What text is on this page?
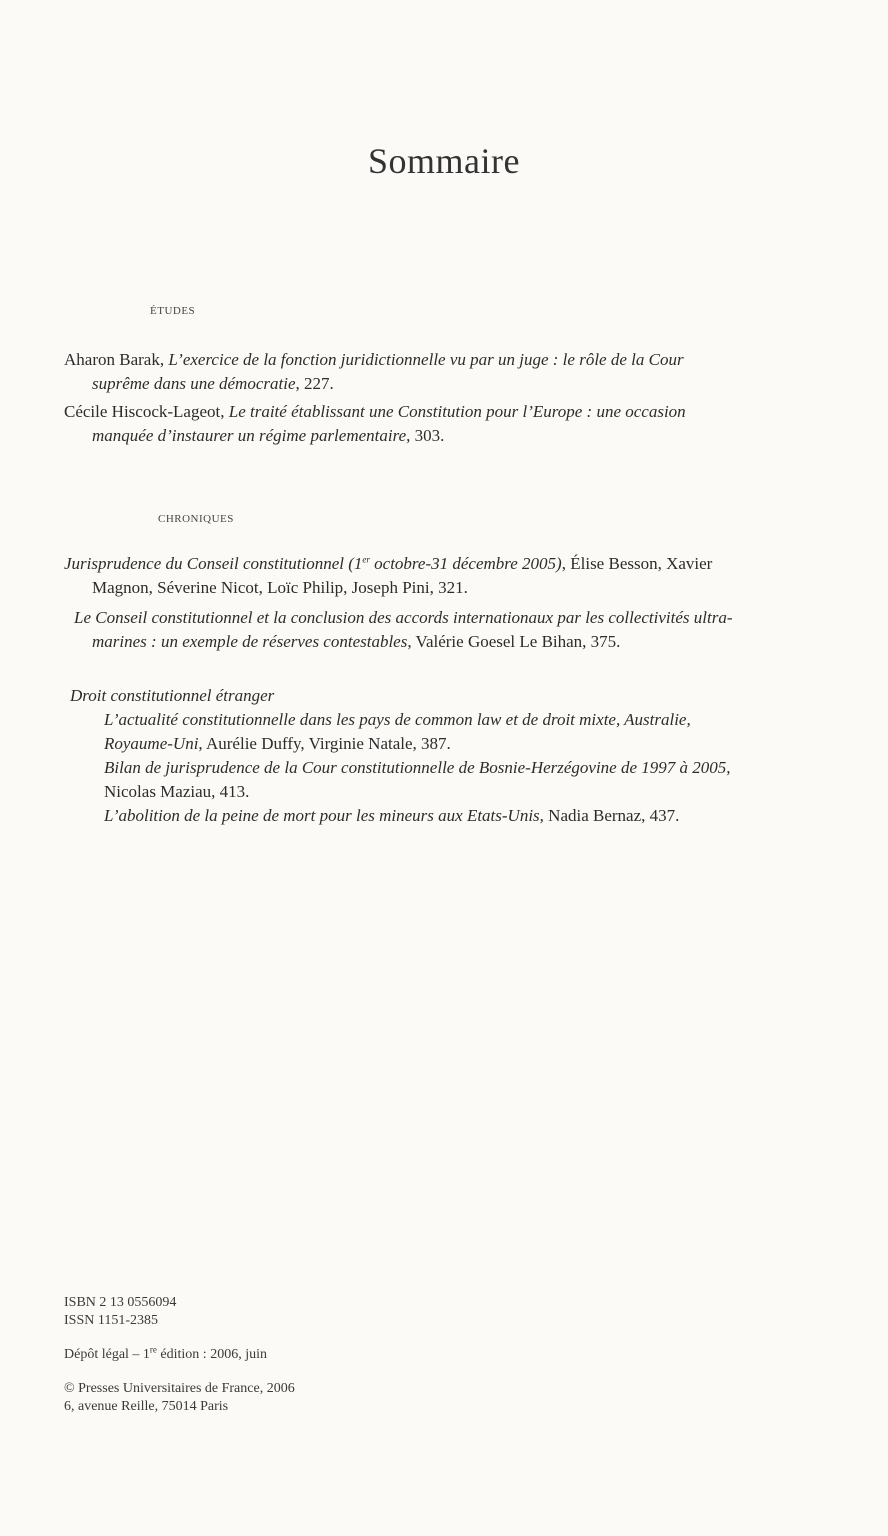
Sommaire
ÉTUDES
Aharon Barak, L’exercice de la fonction juridictionnelle vu par un juge : le rôle de la Cour
suprême dans une démocratie, 227.
Cécile Hiscock-Lageot, Le traité établissant une Constitution pour l’Europe : une occasion
manquée d’instaurer un régime parlementaire, 303.
CHRONIQUES
Jurisprudence du Conseil constitutionnel (1er octobre-31 décembre 2005), Élise Besson, Xavier
Magnon, Séverine Nicot, Loïc Philip, Joseph Pini, 321.
Le Conseil constitutionnel et la conclusion des accords internationaux par les collectivités ultra-
marines : un exemple de réserves contestables, Valérie Goesel Le Bihan, 375.
Droit constitutionnel étranger
L’actualité constitutionnelle dans les pays de common law et de droit mixte, Australie,
Royaume-Uni, Aurélie Duffy, Virginie Natale, 387.
Bilan de jurisprudence de la Cour constitutionnelle de Bosnie-Herzégovine de 1997 à 2005,
Nicolas Maziau, 413.
L’abolition de la peine de mort pour les mineurs aux Etats-Unis, Nadia Bernaz, 437.
ISBN 2 13 0556094
ISSN 1151-2385
Dépôt légal – 1re édition : 2006, juin
© Presses Universitaires de France, 2006
6, avenue Reille, 75014 Paris
